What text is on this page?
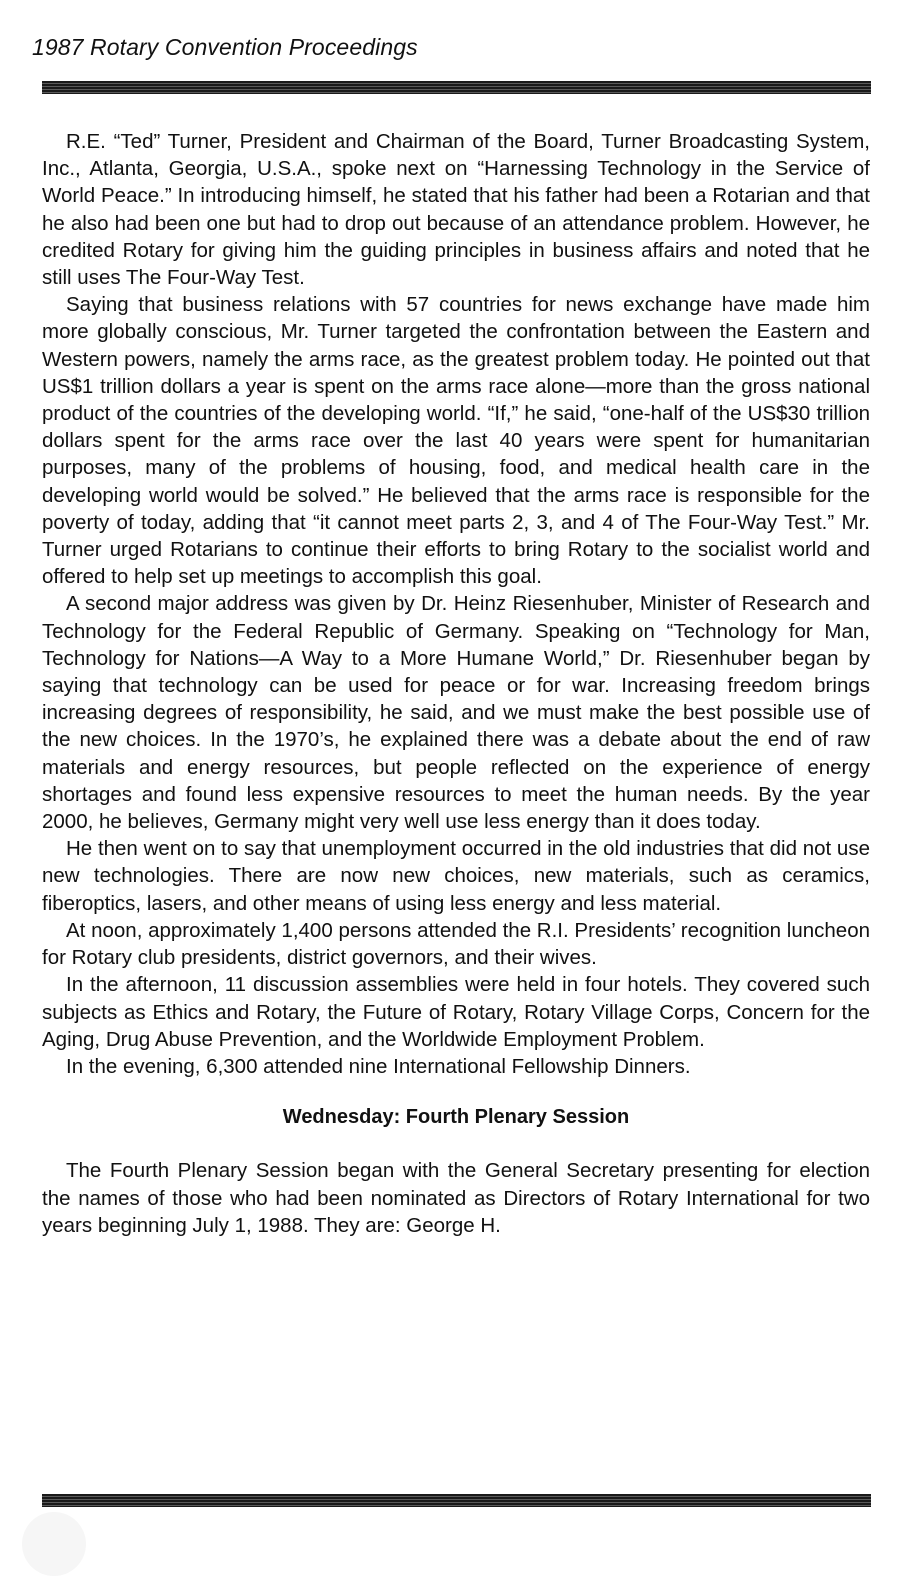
1987 Rotary Convention Proceedings

R.E. “Ted” Turner, President and Chairman of the Board, Turner Broadcasting System, Inc., Atlanta, Georgia, U.S.A., spoke next on “Harnessing Technology in the Service of World Peace.” In introducing himself, he stated that his father had been a Rotarian and that he also had been one but had to drop out because of an attendance problem. However, he credited Rotary for giving him the guiding principles in business affairs and noted that he still uses The Four-Way Test.

Saying that business relations with 57 countries for news exchange have made him more globally conscious, Mr. Turner targeted the confrontation between the Eastern and Western powers, namely the arms race, as the greatest problem today. He pointed out that US$1 trillion dollars a year is spent on the arms race alone—more than the gross national product of the countries of the developing world. “If,” he said, “one-half of the US$30 trillion dollars spent for the arms race over the last 40 years were spent for humanitarian purposes, many of the problems of housing, food, and medical health care in the developing world would be solved.” He believed that the arms race is responsible for the poverty of today, adding that “it cannot meet parts 2, 3, and 4 of The Four-Way Test.” Mr. Turner urged Rotarians to continue their efforts to bring Rotary to the socialist world and offered to help set up meetings to accomplish this goal.

A second major address was given by Dr. Heinz Riesenhuber, Minister of Research and Technology for the Federal Republic of Germany. Speaking on “Technology for Man, Technology for Nations—A Way to a More Humane World,” Dr. Riesenhuber began by saying that technology can be used for peace or for war. Increasing freedom brings increasing degrees of responsibility, he said, and we must make the best possible use of the new choices. In the 1970’s, he explained there was a debate about the end of raw materials and energy resources, but people reflected on the experience of energy shortages and found less expensive resources to meet the human needs. By the year 2000, he believes, Germany might very well use less energy than it does today.

He then went on to say that unemployment occurred in the old industries that did not use new technologies. There are now new choices, new materials, such as ceramics, fiberoptics, lasers, and other means of using less energy and less material.

At noon, approximately 1,400 persons attended the R.I. Presidents’ recognition luncheon for Rotary club presidents, district governors, and their wives.

In the afternoon, 11 discussion assemblies were held in four hotels. They covered such subjects as Ethics and Rotary, the Future of Rotary, Rotary Village Corps, Concern for the Aging, Drug Abuse Prevention, and the Worldwide Employment Problem.

In the evening, 6,300 attended nine International Fellowship Dinners.

Wednesday: Fourth Plenary Session

The Fourth Plenary Session began with the General Secretary presenting for election the names of those who had been nominated as Directors of Rotary International for two years beginning July 1, 1988. They are: George H.
